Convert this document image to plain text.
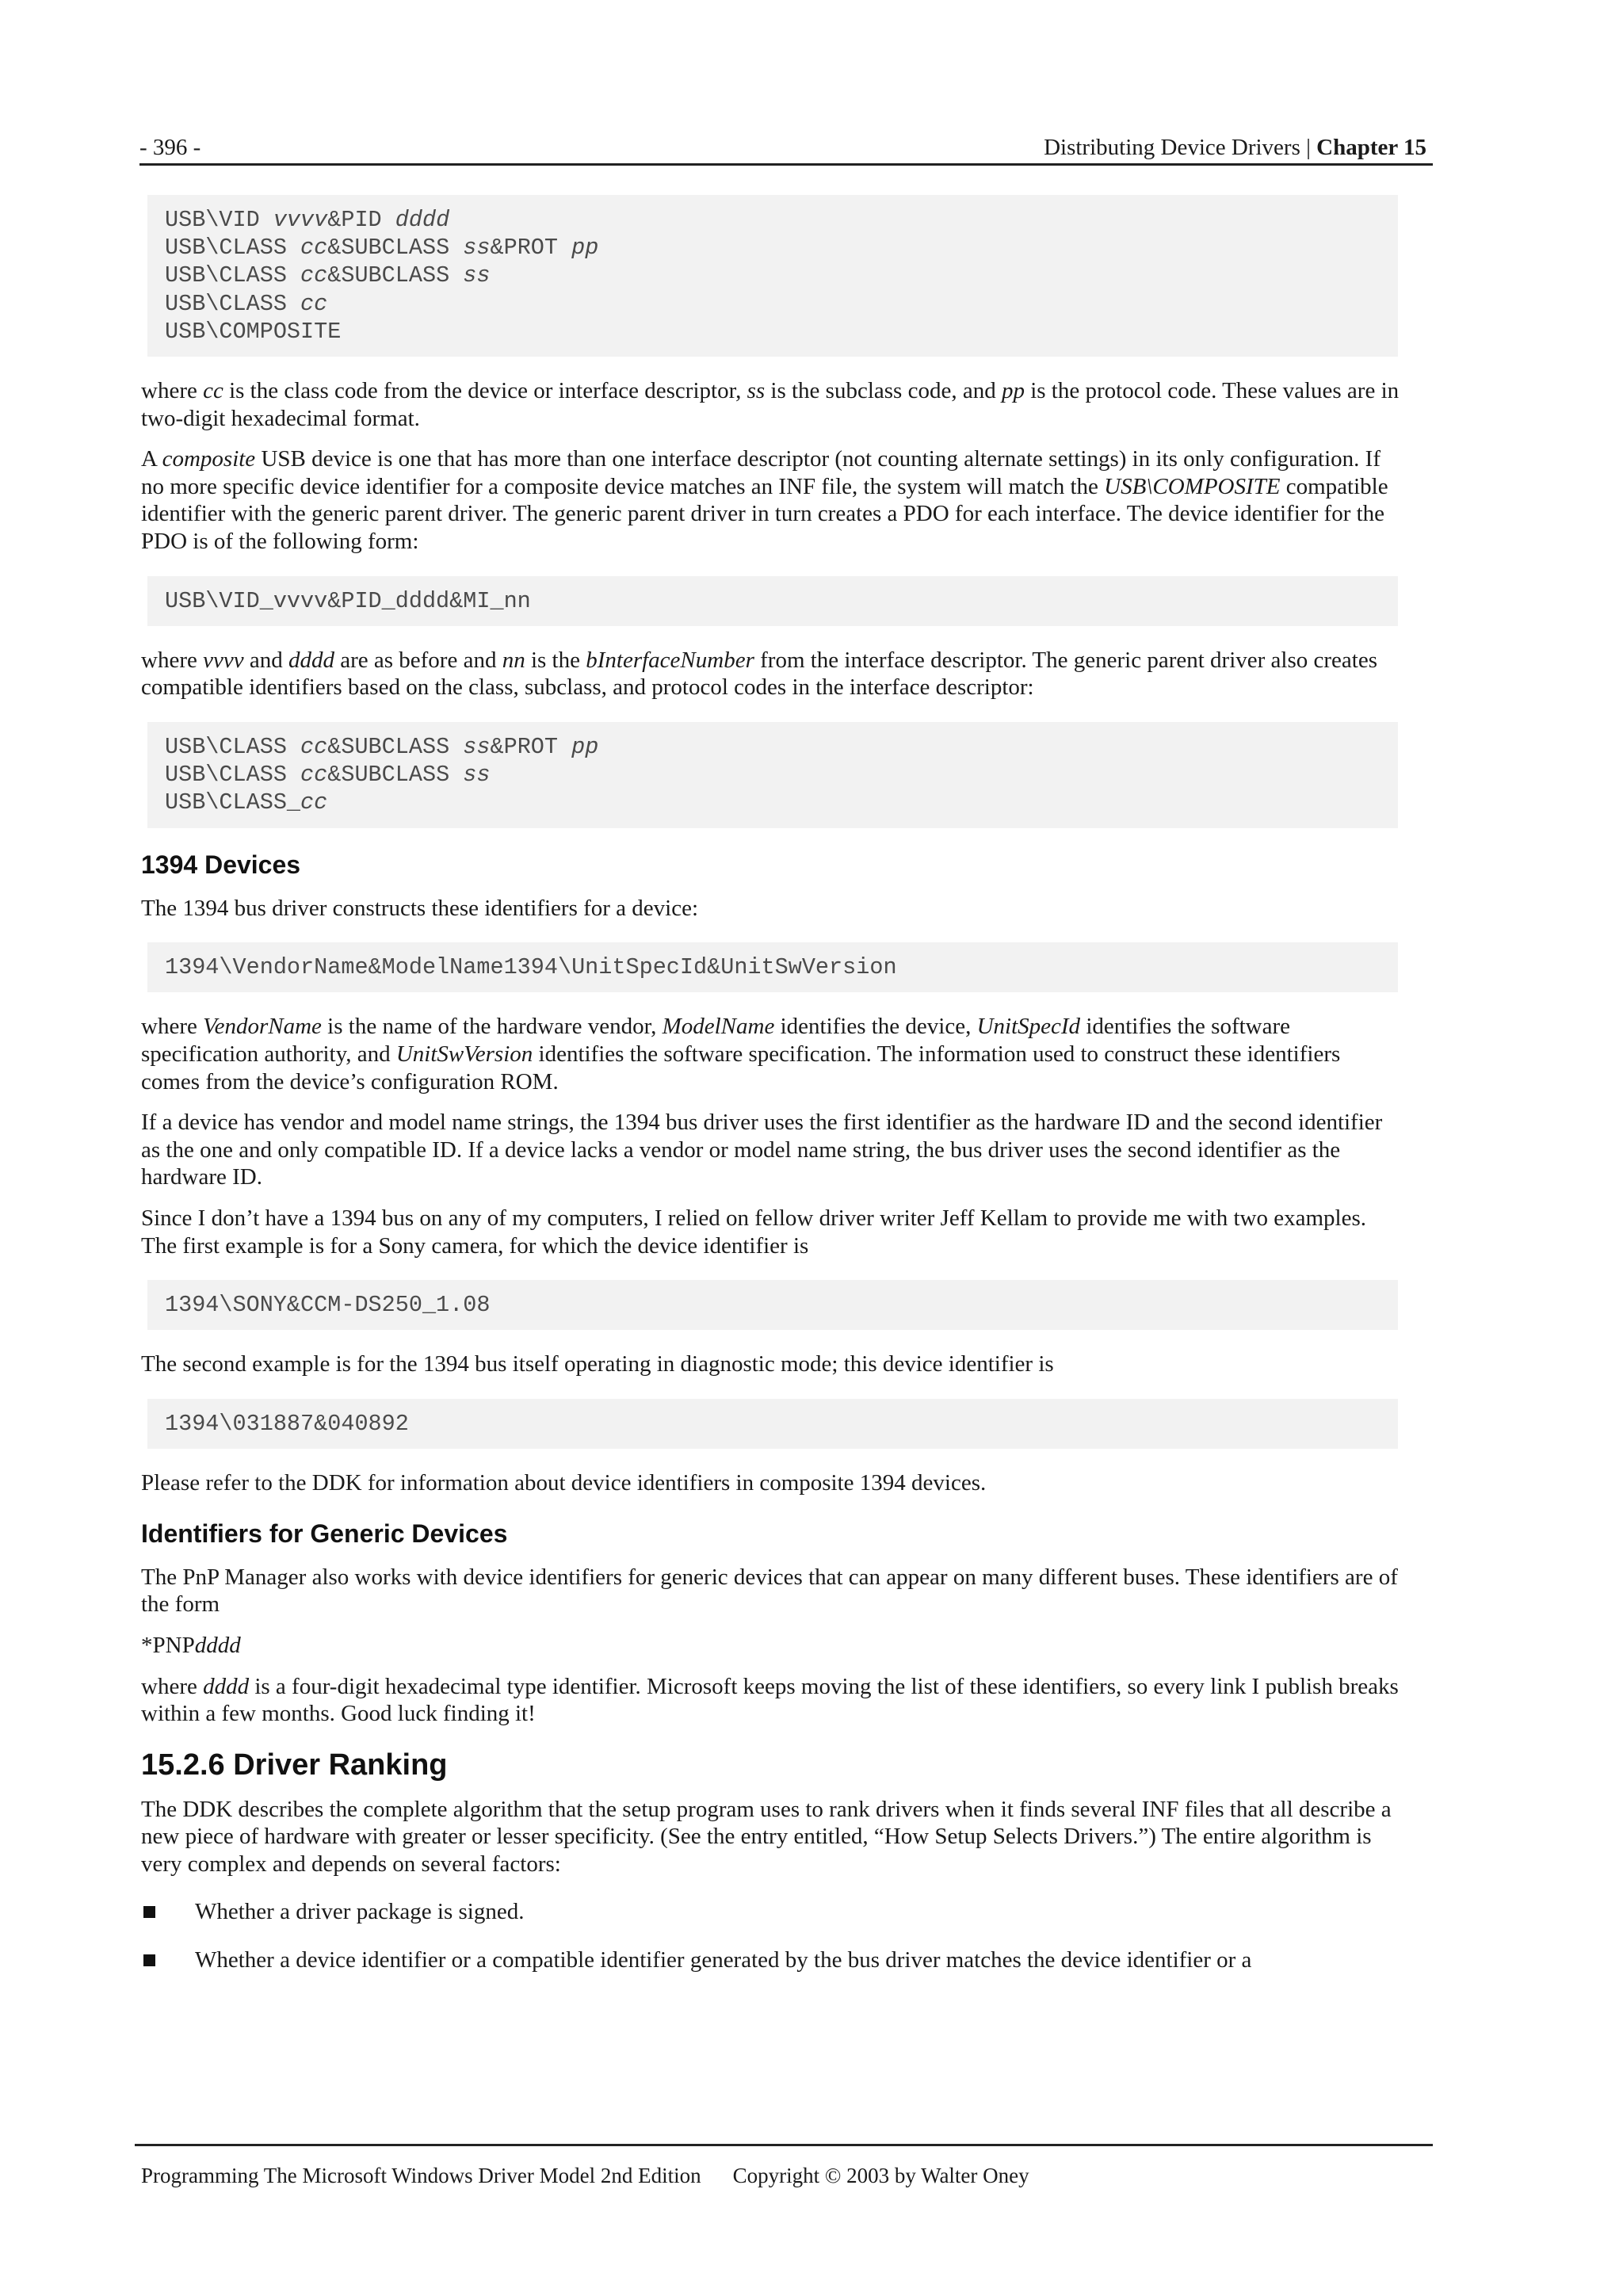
- 396 -	Distributing Device Drivers | Chapter 15
USB\VID vvvv&PID dddd
USB\CLASS cc&SUBCLASS ss&PROT pp
USB\CLASS cc&SUBCLASS ss
USB\CLASS cc
USB\COMPOSITE

where cc is the class code from the device or interface descriptor, ss is the subclass code, and pp is the protocol code. These values are in two-digit hexadecimal format.

A composite USB device is one that has more than one interface descriptor (not counting alternate settings) in its only configuration. If no more specific device identifier for a composite device matches an INF file, the system will match the USB\COMPOSITE compatible identifier with the generic parent driver. The generic parent driver in turn creates a PDO for each interface. The device identifier for the PDO is of the following form:

USB\VID_vvvv&PID_dddd&MI_nn

where vvvv and dddd are as before and nn is the bInterfaceNumber from the interface descriptor. The generic parent driver also creates compatible identifiers based on the class, subclass, and protocol codes in the interface descriptor:

USB\CLASS cc&SUBCLASS ss&PROT pp
USB\CLASS cc&SUBCLASS ss
USB\CLASS_cc
1394 Devices

The 1394 bus driver constructs these identifiers for a device:

1394\VendorName&ModelName1394\UnitSpecId&UnitSwVersion

where VendorName is the name of the hardware vendor, ModelName identifies the device, UnitSpecId identifies the software specification authority, and UnitSwVersion identifies the software specification. The information used to construct these identifiers comes from the device’s configuration ROM.

If a device has vendor and model name strings, the 1394 bus driver uses the first identifier as the hardware ID and the second identifier as the one and only compatible ID. If a device lacks a vendor or model name string, the bus driver uses the second identifier as the hardware ID.

Since I don’t have a 1394 bus on any of my computers, I relied on fellow driver writer Jeff Kellam to provide me with two examples. The first example is for a Sony camera, for which the device identifier is

1394\SONY&CCM-DS250_1.08

The second example is for the 1394 bus itself operating in diagnostic mode; this device identifier is

1394\031887&040892

Please refer to the DDK for information about device identifiers in composite 1394 devices.

Identifiers for Generic Devices

The PnP Manager also works with device identifiers for generic devices that can appear on many different buses. These identifiers are of the form

*PNPdddd

where dddd is a four-digit hexadecimal type identifier. Microsoft keeps moving the list of these identifiers, so every link I publish breaks within a few months. Good luck finding it!

15.2.6 Driver Ranking

The DDK describes the complete algorithm that the setup program uses to rank drivers when it finds several INF files that all describe a new piece of hardware with greater or lesser specificity. (See the entry entitled, “How Setup Selects Drivers.”) The entire algorithm is very complex and depends on several factors:

Whether a driver package is signed.
Whether a device identifier or a compatible identifier generated by the bus driver matches the device identifier or a
Programming The Microsoft Windows Driver Model 2nd Edition Copyright © 2003 by Walter Oney
